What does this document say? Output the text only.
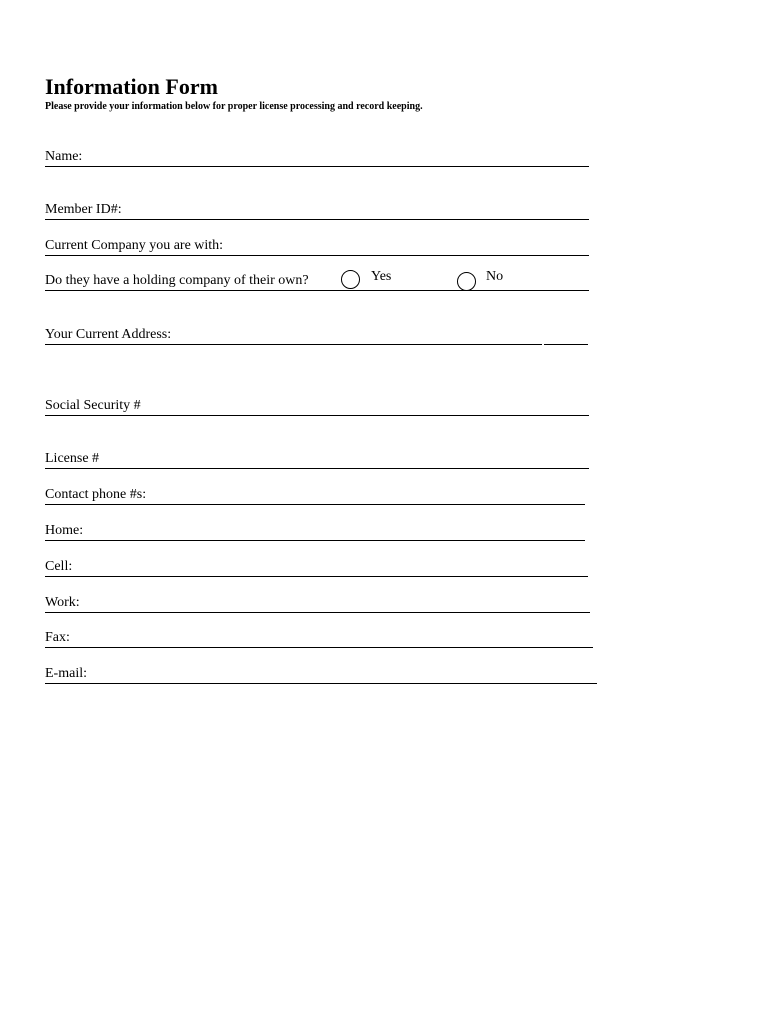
Information Form

Please provide your information below for proper license processing and record keeping.

Name:
Member ID#:
Current Company you are with:
Do they have a holding company of their own?	Yes	No
Your Current Address:
Social Security #
License #
Contact phone #s:
Home:
Cell:
Work:
Fax:
E-mail:
